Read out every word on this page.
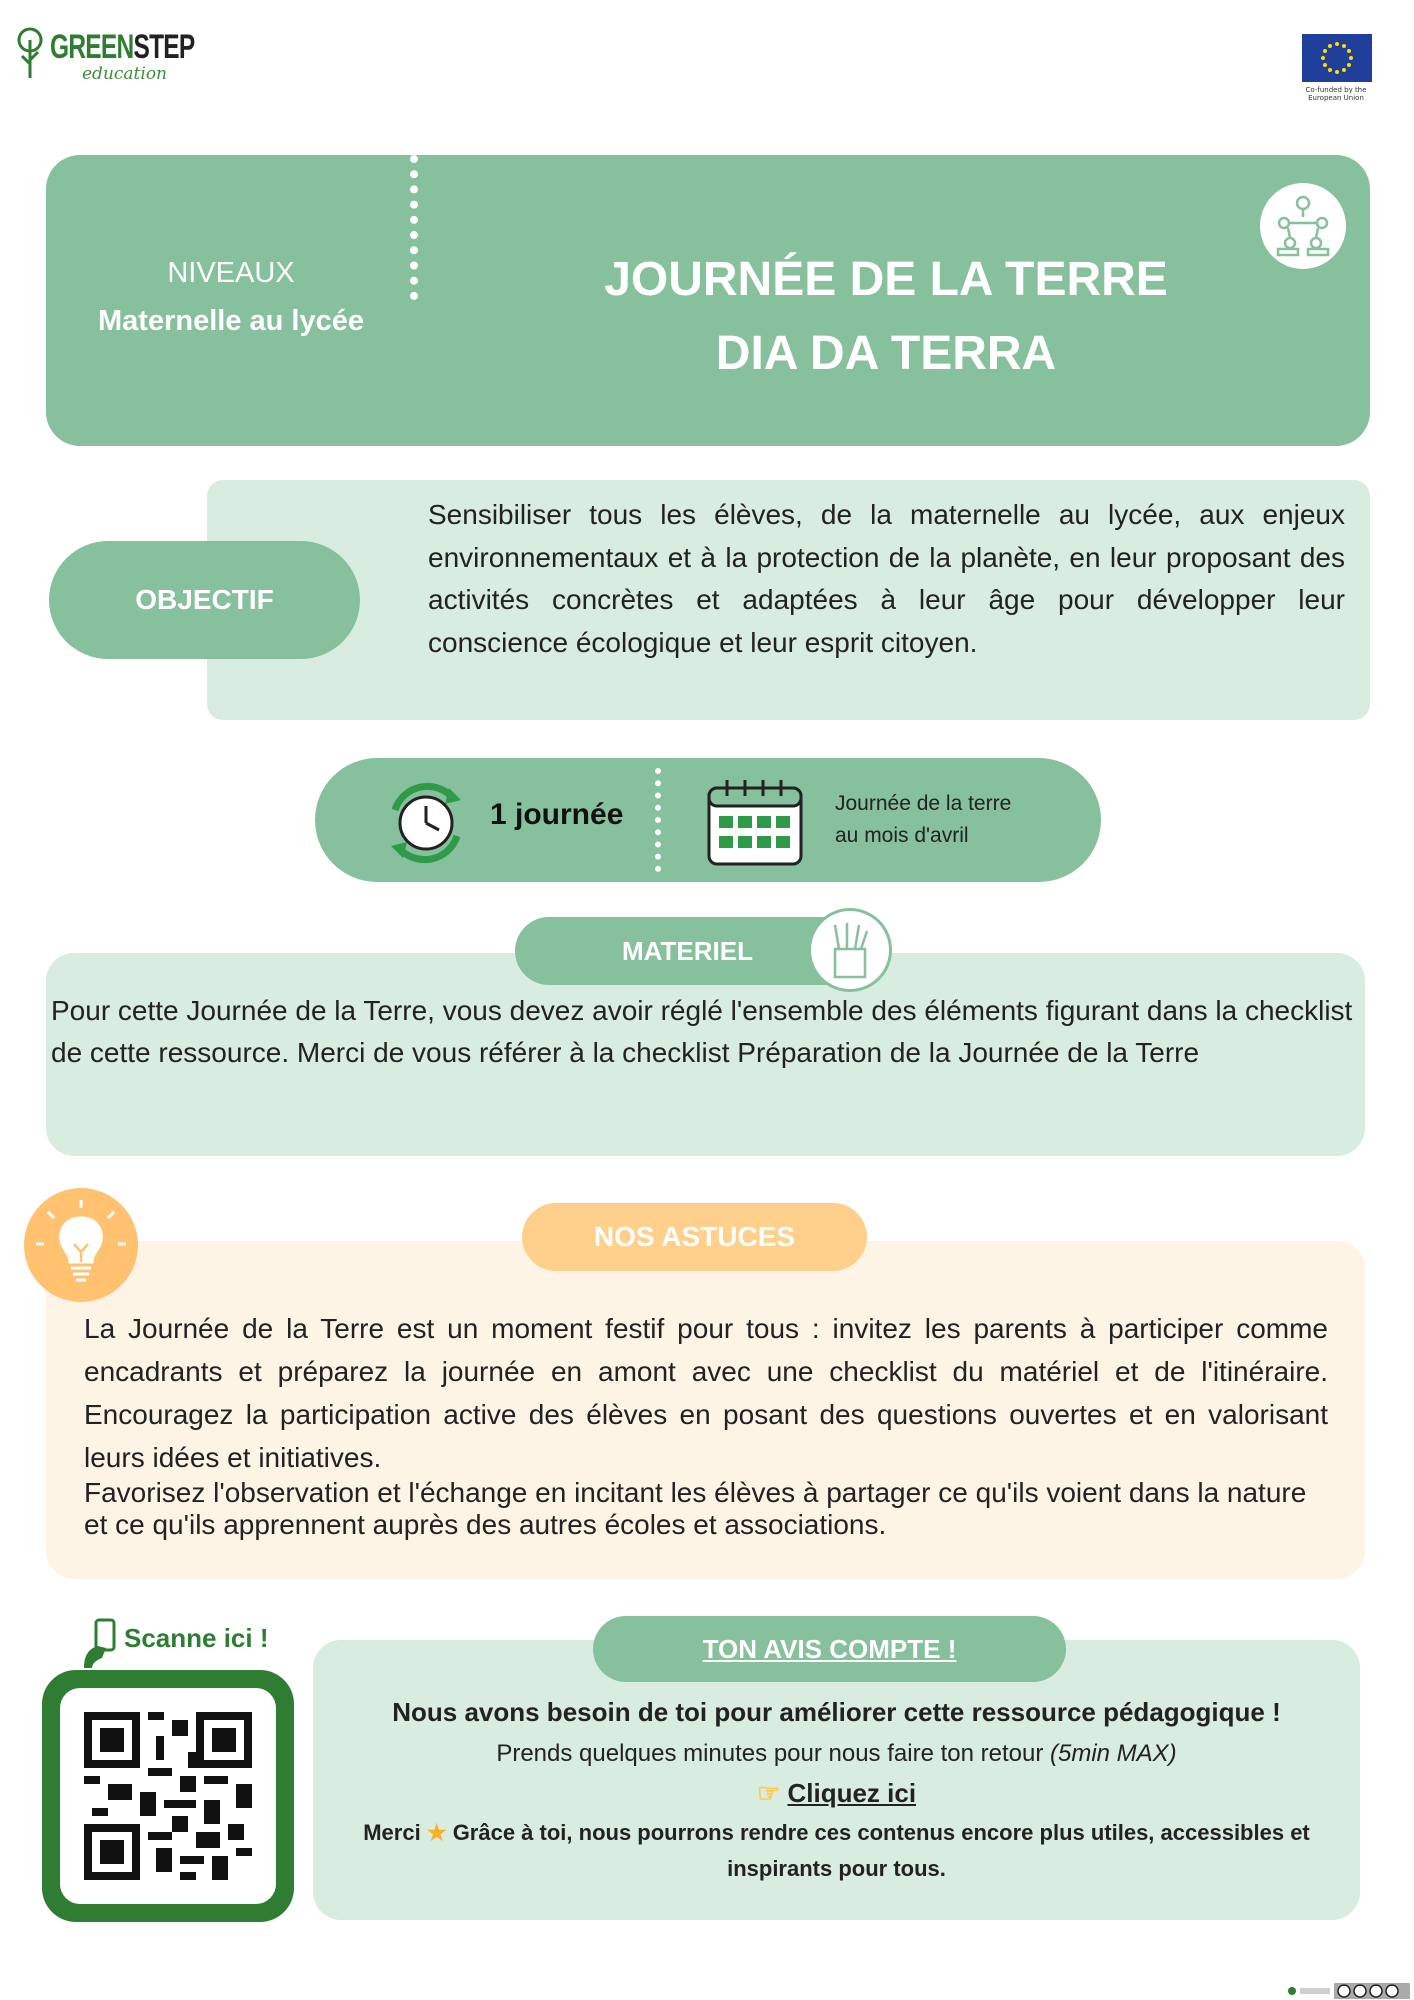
GREENSTEP
education
Co-funded by the European Union
NIVEAUX
Maternelle au lycée
JOURNÉE DE LA TERRE
DIA DA TERRA
OBJECTIF
Sensibiliser tous les élèves, de la maternelle au lycée, aux enjeux environnementaux et à la protection de la planète, en leur proposant des activités concrètes et adaptées à leur âge pour développer leur conscience écologique et leur esprit citoyen.
1 journée	Journée de la terre
au mois d'avril
MATERIEL
Pour cette Journée de la Terre, vous devez avoir réglé l'ensemble des éléments figurant dans la checklist de cette ressource. Merci de vous référer à la checklist Préparation de la Journée de la Terre
NOS ASTUCES
La Journée de la Terre est un moment festif pour tous : invitez les parents à participer comme encadrants et préparez la journée en amont avec une checklist du matériel et de l'itinéraire. Encouragez la participation active des élèves en posant des questions ouvertes et en valorisant leurs idées et initiatives.
Favorisez l'observation et l'échange en incitant les élèves à partager ce qu'ils voient dans la nature et ce qu'ils apprennent auprès des autres écoles et associations.
Scanne ici !	TON AVIS COMPTE !
Nous avons besoin de toi pour améliorer cette ressource pédagogique !
Prends quelques minutes pour nous faire ton retour (5min MAX)
☞ Cliquez ici
Merci ★ Grâce à toi, nous pourrons rendre ces contenus encore plus utiles, accessibles et inspirants pour tous.
